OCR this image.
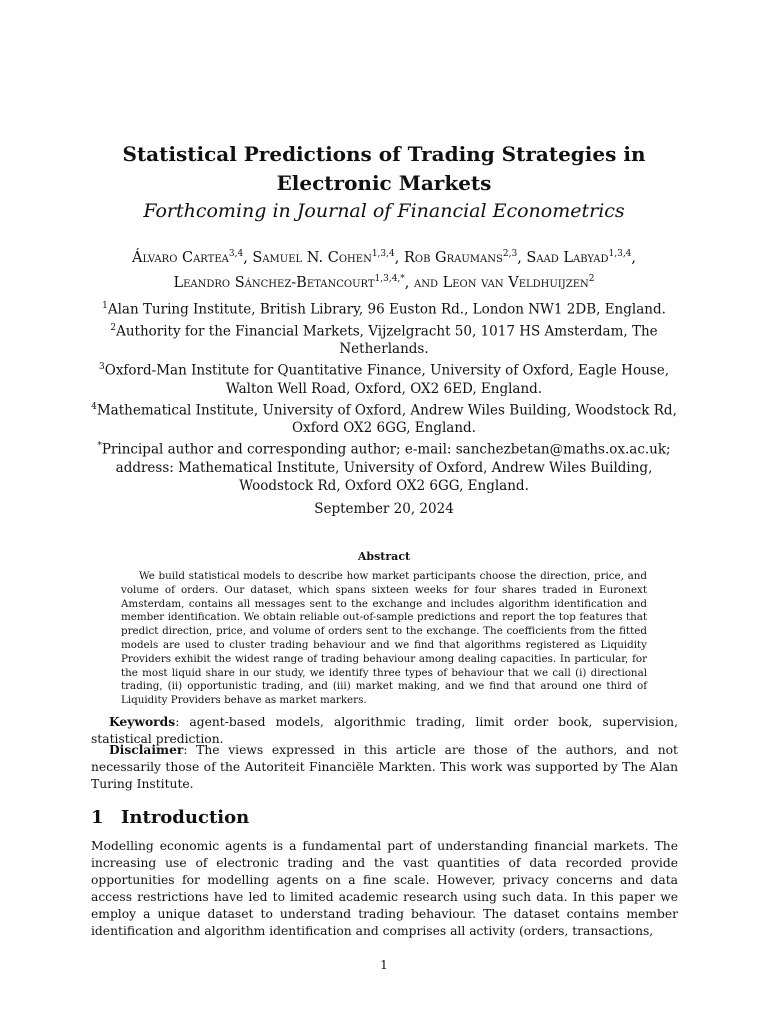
Statistical Predictions of Trading Strategies in
Electronic Markets
Forthcoming in Journal of Financial Econometrics
Álvaro Cartea$^{3,4}$, Samuel N. Cohen$^{1,3,4}$, Rob Graumans$^{2,3}$, Saad Labyad$^{1,3,4}$,
Leandro Sánchez-Betancourt$^{1,3,4,*}$, and Leon van Veldhuijzen$^2$

$^1$Alan Turing Institute, British Library, 96 Euston Rd., London NW1 2DB, England.

$^2$Authority for the Financial Markets, Vijzelgracht 50, 1017 HS Amsterdam, The Netherlands.

$^3$Oxford-Man Institute for Quantitative Finance, University of Oxford, Eagle House, Walton Well Road, Oxford, OX2 6ED, England.

$^4$Mathematical Institute, University of Oxford, Andrew Wiles Building, Woodstock Rd, Oxford OX2 6GG, England.

*Principal author and corresponding author; e-mail: sanchezbetan@maths.ox.ac.uk; address: Mathematical Institute, University of Oxford, Andrew Wiles Building, Woodstock Rd, Oxford OX2 6GG, England.

September 20, 2024
Abstract
We build statistical models to describe how market participants choose the direction, price, and volume of orders. Our dataset, which spans sixteen weeks for four shares traded in Euronext Amsterdam, contains all messages sent to the exchange and includes algorithm identification and member identification. We obtain reliable out-of-sample predictions and report the top features that predict direction, price, and volume of orders sent to the exchange. The coefficients from the fitted models are used to cluster trading behaviour and we find that algorithms registered as Liquidity Providers exhibit the widest range of trading behaviour among dealing capacities. In particular, for the most liquid share in our study, we identify three types of behaviour that we call (i) directional trading, (ii) opportunistic trading, and (iii) market making, and we find that around one third of Liquidity Providers behave as market markers.
Keywords: agent-based models, algorithmic trading, limit order book, supervision, statistical prediction.
Disclaimer: The views expressed in this article are those of the authors, and not necessarily those of the Autoriteit Financiële Markten. This work was supported by The Alan Turing Institute.
1 Introduction
Modelling economic agents is a fundamental part of understanding financial markets. The increasing use of electronic trading and the vast quantities of data recorded provide opportunities for modelling agents on a fine scale. However, privacy concerns and data access restrictions have led to limited academic research using such data. In this paper we employ a unique dataset to understand trading behaviour. The dataset contains member identification and algorithm identification and comprises all activity (orders, transactions,
1
